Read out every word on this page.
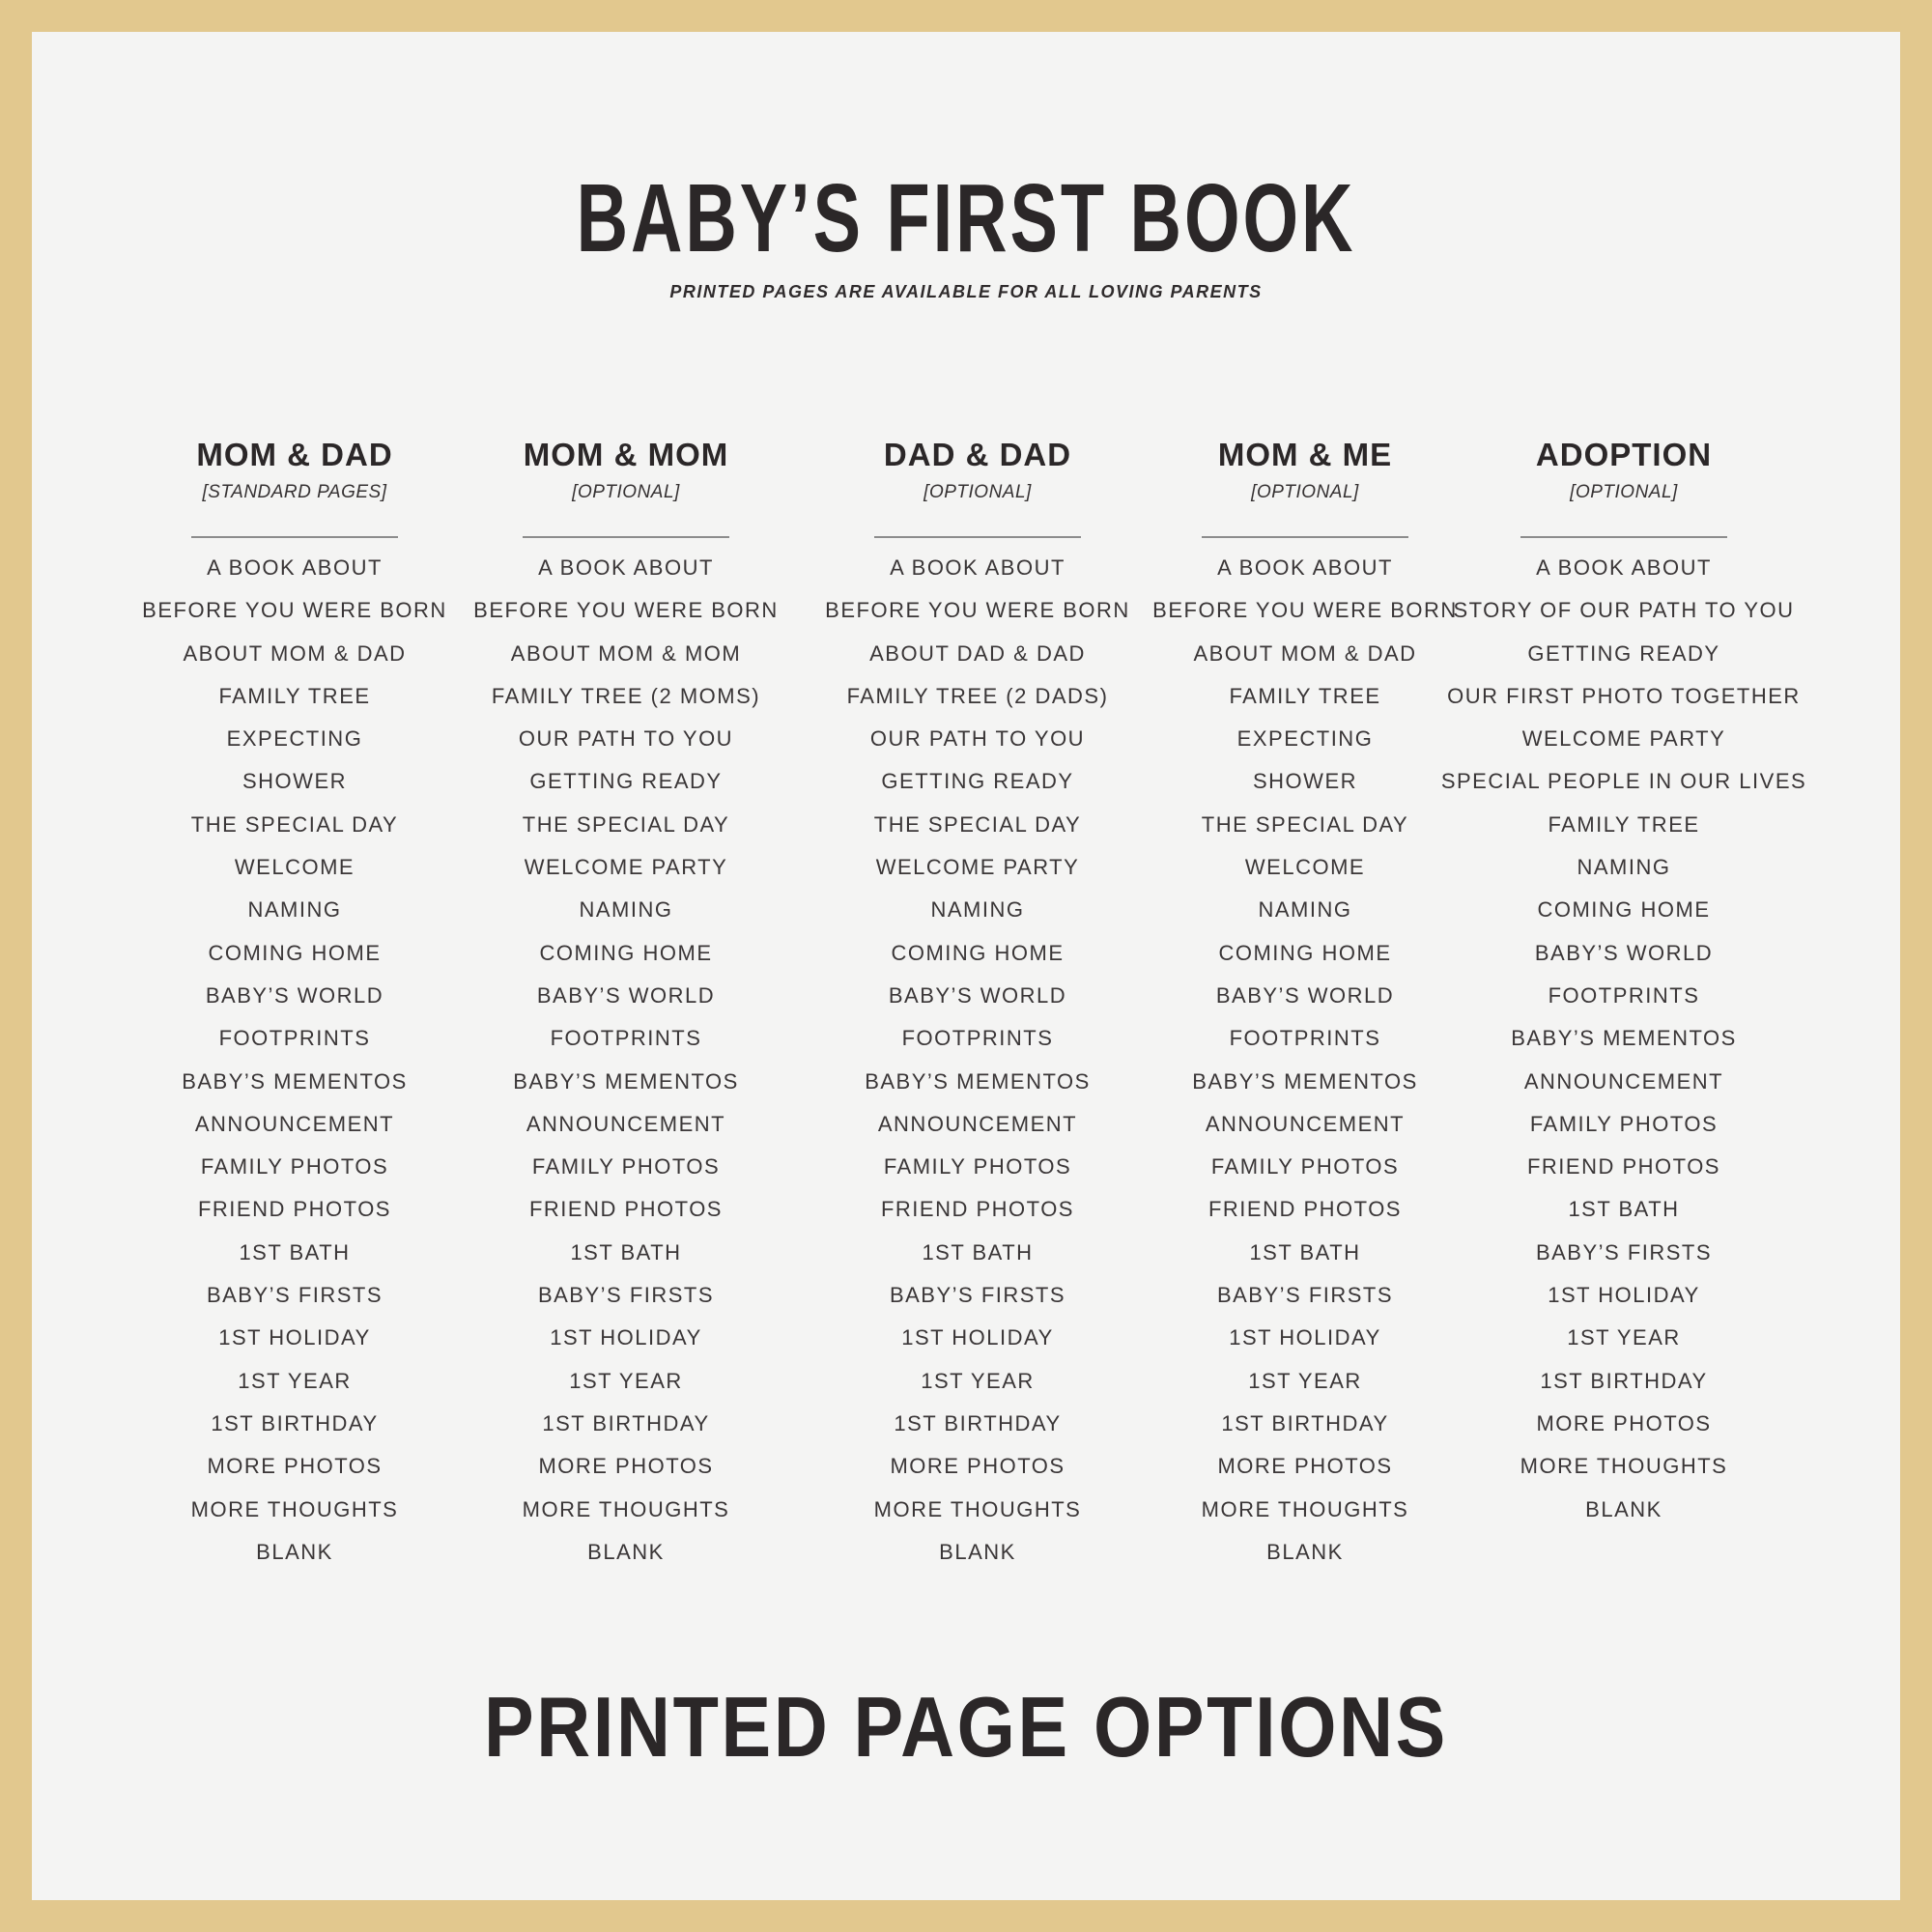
BABY’S FIRST BOOK

PRINTED PAGES ARE AVAILABLE FOR ALL LOVING PARENTS

MOM & DAD

[STANDARD PAGES]

A BOOK ABOUT
BEFORE YOU WERE BORN
ABOUT MOM & DAD
FAMILY TREE
EXPECTING
SHOWER
THE SPECIAL DAY
WELCOME
NAMING
COMING HOME
BABY’S WORLD
FOOTPRINTS
BABY’S MEMENTOS
ANNOUNCEMENT
FAMILY PHOTOS
FRIEND PHOTOS
1ST BATH
BABY’S FIRSTS
1ST HOLIDAY
1ST YEAR
1ST BIRTHDAY
MORE PHOTOS
MORE THOUGHTS
BLANK
MOM & MOM

[OPTIONAL]

A BOOK ABOUT
BEFORE YOU WERE BORN
ABOUT MOM & MOM
FAMILY TREE (2 MOMS)
OUR PATH TO YOU
GETTING READY
THE SPECIAL DAY
WELCOME PARTY
NAMING
COMING HOME
BABY’S WORLD
FOOTPRINTS
BABY’S MEMENTOS
ANNOUNCEMENT
FAMILY PHOTOS
FRIEND PHOTOS
1ST BATH
BABY’S FIRSTS
1ST HOLIDAY
1ST YEAR
1ST BIRTHDAY
MORE PHOTOS
MORE THOUGHTS
BLANK
DAD & DAD

[OPTIONAL]

A BOOK ABOUT
BEFORE YOU WERE BORN
ABOUT DAD & DAD
FAMILY TREE (2 DADS)
OUR PATH TO YOU
GETTING READY
THE SPECIAL DAY
WELCOME PARTY
NAMING
COMING HOME
BABY’S WORLD
FOOTPRINTS
BABY’S MEMENTOS
ANNOUNCEMENT
FAMILY PHOTOS
FRIEND PHOTOS
1ST BATH
BABY’S FIRSTS
1ST HOLIDAY
1ST YEAR
1ST BIRTHDAY
MORE PHOTOS
MORE THOUGHTS
BLANK
MOM & ME

[OPTIONAL]

A BOOK ABOUT
BEFORE YOU WERE BORN
ABOUT MOM & DAD
FAMILY TREE
EXPECTING
SHOWER
THE SPECIAL DAY
WELCOME
NAMING
COMING HOME
BABY’S WORLD
FOOTPRINTS
BABY’S MEMENTOS
ANNOUNCEMENT
FAMILY PHOTOS
FRIEND PHOTOS
1ST BATH
BABY’S FIRSTS
1ST HOLIDAY
1ST YEAR
1ST BIRTHDAY
MORE PHOTOS
MORE THOUGHTS
BLANK
ADOPTION

[OPTIONAL]

A BOOK ABOUT
STORY OF OUR PATH TO YOU
GETTING READY
OUR FIRST PHOTO TOGETHER
WELCOME PARTY
SPECIAL PEOPLE IN OUR LIVES
FAMILY TREE
NAMING
COMING HOME
BABY’S WORLD
FOOTPRINTS
BABY’S MEMENTOS
ANNOUNCEMENT
FAMILY PHOTOS
FRIEND PHOTOS
1ST BATH
BABY’S FIRSTS
1ST HOLIDAY
1ST YEAR
1ST BIRTHDAY
MORE PHOTOS
MORE THOUGHTS
BLANK
PRINTED PAGE OPTIONS
